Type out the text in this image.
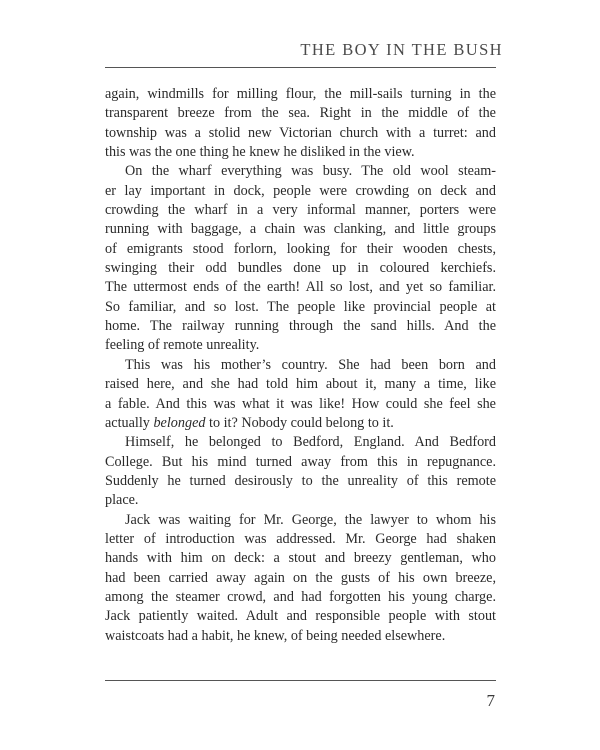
THE BOY IN THE BUSH

again, windmills for milling flour, the mill-sails turning in the

transparent breeze from the sea. Right in the middle of the

township was a stolid new Victorian church with a turret: and

this was the one thing he knew he disliked in the view.

On the wharf everything was busy. The old wool steam-

er lay important in dock, people were crowding on deck and

crowding the wharf in a very informal manner, porters were

running with baggage, a chain was clanking, and little groups

of emigrants stood forlorn, looking for their wooden chests,

swinging their odd bundles done up in coloured kerchiefs.

The uttermost ends of the earth! All so lost, and yet so familiar.

So familiar, and so lost. The people like provincial people at

home. The railway running through the sand hills. And the

feeling of remote unreality.

This was his mother’s country. She had been born and

raised here, and she had told him about it, many a time, like

a fable. And this was what it was like! How could she feel she

actually belonged to it? Nobody could belong to it.

Himself, he belonged to Bedford, England. And Bedford

College. But his mind turned away from this in repugnance.

Suddenly he turned desirously to the unreality of this remote

place.

Jack was waiting for Mr. George, the lawyer to whom his

letter of introduction was addressed. Mr. George had shaken

hands with him on deck: a stout and breezy gentleman, who

had been carried away again on the gusts of his own breeze,

among the steamer crowd, and had forgotten his young charge.

Jack patiently waited. Adult and responsible people with stout

waistcoats had a habit, he knew, of being needed elsewhere.

7
